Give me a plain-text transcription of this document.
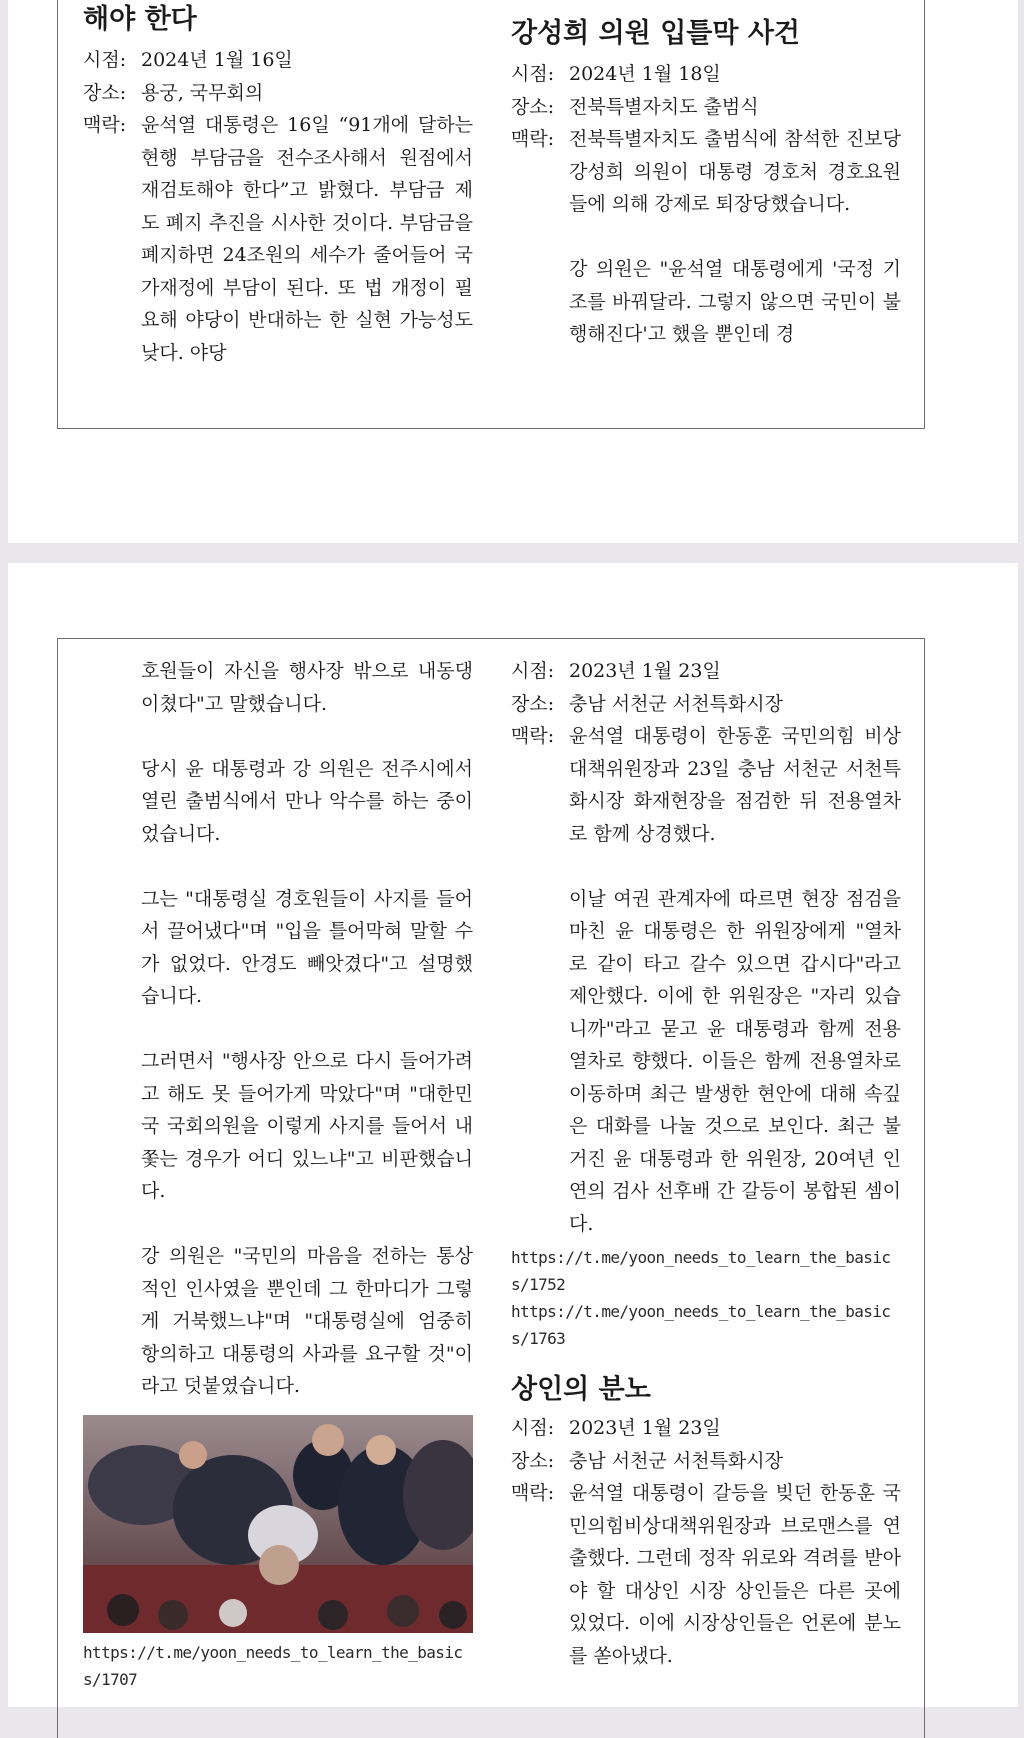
해야 한다
시점: 2024년 1월 16일
장소: 용궁, 국무회의
맥락: 윤석열 대통령은 16일 “91개에 달하는 현행 부담금을 전수조사해서 원점에서 재검토해야 한다”고 밝혔다. 부담금 제도 폐지 추진을 시사한 것이다. 부담금을 폐지하면 24조원의 세수가 줄어들어 국가재정에 부담이 된다. 또 법 개정이 필요해 야당이 반대하는 한 실현 가능성도 낮다. 야당
강성희 의원 입틀막 사건
시점: 2024년 1월 18일
장소: 전북특별자치도 출범식
맥락: 전북특별자치도 출범식에 참석한 진보당 강성희 의원이 대통령 경호처 경호요원들에 의해 강제로 퇴장당했습니다.
강 의원은 "윤석열 대통령에게 '국정 기조를 바꿔달라. 그렇지 않으면 국민이 불행해진다'고 했을 뿐인데 경
호원들이 자신을 행사장 밖으로 내동댕이쳤다"고 말했습니다.
당시 윤 대통령과 강 의원은 전주시에서 열린 출범식에서 만나 악수를 하는 중이었습니다.
그는 "대통령실 경호원들이 사지를 들어서 끌어냈다"며 "입을 틀어막혀 말할 수가 없었다. 안경도 빼앗겼다"고 설명했습니다.
그러면서 "행사장 안으로 다시 들어가려고 해도 못 들어가게 막았다"며 "대한민국 국회의원을 이렇게 사지를 들어서 내쫓는 경우가 어디 있느냐"고 비판했습니다.
강 의원은 "국민의 마음을 전하는 통상적인 인사였을 뿐인데 그 한마디가 그렇게 거북했느냐"며 "대통령실에 엄중히 항의하고 대통령의 사과를 요구할 것"이라고 덧붙였습니다.
https://t.me/yoon_needs_to_learn_the_basics/1707
시점: 2023년 1월 23일
장소: 충남 서천군 서천특화시장
맥락: 윤석열 대통령이 한동훈 국민의힘 비상대책위원장과 23일 충남 서천군 서천특화시장 화재현장을 점검한 뒤 전용열차로 함께 상경했다.
이날 여권 관계자에 따르면 현장 점검을 마친 윤 대통령은 한 위원장에게 "열차로 같이 타고 갈수 있으면 갑시다"라고 제안했다. 이에 한 위원장은 "자리 있습니까"라고 묻고 윤 대통령과 함께 전용열차로 향했다. 이들은 함께 전용열차로 이동하며 최근 발생한 현안에 대해 속깊은 대화를 나눌 것으로 보인다. 최근 불거진 윤 대통령과 한 위원장, 20여년 인연의 검사 선후배 간 갈등이 봉합된 셈이다.
https://t.me/yoon_needs_to_learn_the_basics/1752
https://t.me/yoon_needs_to_learn_the_basics/1763
상인의 분노
시점: 2023년 1월 23일
장소: 충남 서천군 서천특화시장
맥락: 윤석열 대통령이 갈등을 빚던 한동훈 국민의힘비상대책위원장과 브로맨스를 연출했다. 그런데 정작 위로와 격려를 받아야 할 대상인 시장 상인들은 다른 곳에 있었다. 이에 시장상인들은 언론에 분노를 쏟아냈다.
